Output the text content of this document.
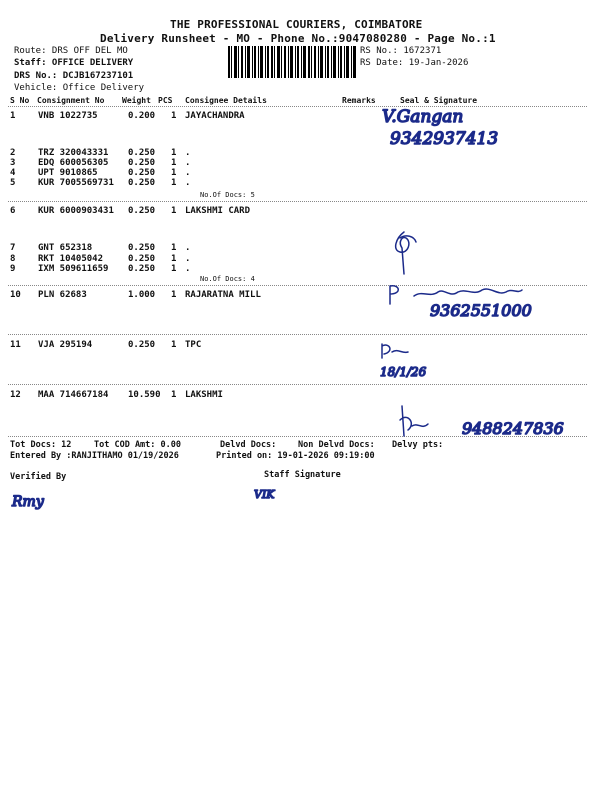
THE PROFESSIONAL COURIERS, COIMBATORE
Delivery Runsheet - MO - Phone No.:9047080280 - Page No.:1
Route: DRS OFF DEL MO
Staff: OFFICE DELIVERY
DRS No.: DCJB167237101
Vehicle: Office Delivery
RS No.: 1672371
RS Date: 19-Jan-2026
S No Consignment No Weight PCS Consignee Details	Remarks	Seal & Signature
1	VNB 1022735	0.200 1 JAYACHANDRA
2	TRZ 320043331 0.250 1 .
3	EDQ 600056305 0.250 1 .
4	UPT 9010865	0.250 1 .
5	KUR 7005569731 0.250 1 .
No.Of Docs: 5
6	KUR 6000903431 0.250 1 LAKSHMI CARD
7	GNT 652318	0.250 1 .
8	RKT 10405042	0.250 1 .
9	IXM 509611659 0.250 1 .
No.Of Docs: 4
10 PLN 62683	1.000 1 RAJARATNA MILL
11 VJA 295194	0.250 1 TPC
12 MAA 714667184 10.590 1 LAKSHMI
V.Gangan
9342937413
9362551000
18/1/26
9488247836
Tot Docs: 12	Tot COD Amt: 0.00	Delvd Docs:	Non Delvd Docs: Delvy pts:
Entered By :RANJITHAMO 01/19/2026	Printed on: 19-01-2026 09:19:00
Verified By	Staff Signature
Rmy	VIK
